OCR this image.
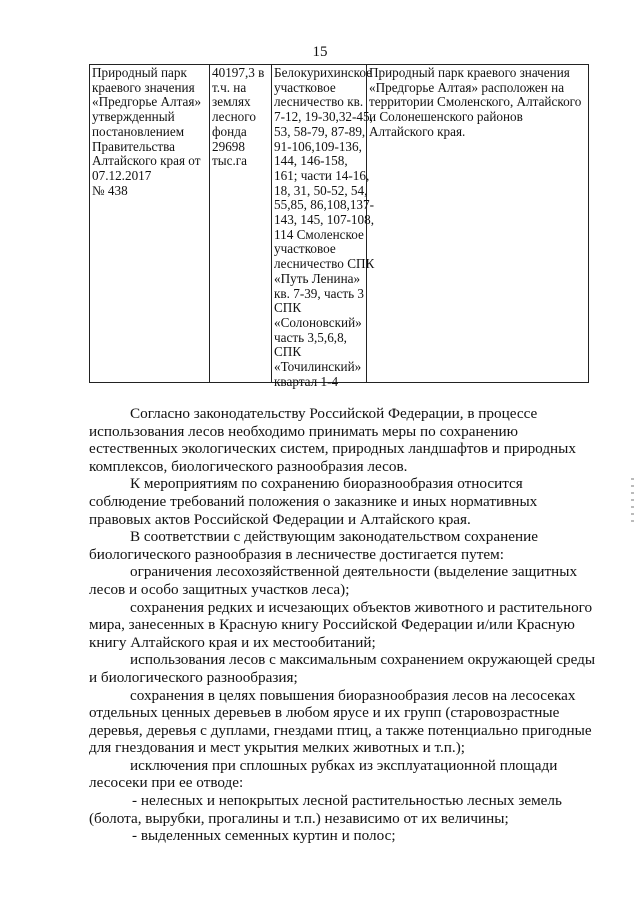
15
Природный парк
краевого значения
«Предгорье Алтая»
утвержденный
постановлением
Правительства
Алтайского края от
07.12.2017
№ 438
40197,3 в
т.ч. на
землях
лесного
фонда
29698
тыс.га
Белокурихинское
участковое
лесничество кв.
7-12, 19-30,32-45,
53, 58-79, 87-89,
91-106,109-136,
144, 146-158,
161; части 14-16,
18, 31, 50-52, 54,
55,85, 86,108,137-
143, 145, 107-108,
114 Смоленское
участковое
лесничество СПК
«Путь Ленина»
кв. 7-39, часть 3
СПК
«Солоновский»
часть 3,5,6,8,
СПК
«Точилинский»
квартал 1-4
Природный парк краевого значения
«Предгорье Алтая» расположен на
территории Смоленского, Алтайского
и Солонешенского районов
Алтайского края.

Согласно законодательству Российской Федерации, в процессе
использования лесов необходимо принимать меры по сохранению
естественных экологических систем, природных ландшафтов и природных
комплексов, биологического разнообразия лесов.

К мероприятиям по сохранению биоразнообразия относится
соблюдение требований положения о заказнике и иных нормативных
правовых актов Российской Федерации и Алтайского края.

В соответствии с действующим законодательством сохранение
биологического разнообразия в лесничестве достигается путем:

ограничения лесохозяйственной деятельности (выделение защитных
лесов и особо защитных участков леса);

сохранения редких и исчезающих объектов животного и растительного
мира, занесенных в Красную книгу Российской Федерации и/или Красную
книгу Алтайского края и их местообитаний;

использования лесов с максимальным сохранением окружающей среды
и биологического разнообразия;

сохранения в целях повышения биоразнообразия лесов на лесосеках
отдельных ценных деревьев в любом ярусе и их групп (старовозрастные
деревья, деревья с дуплами, гнездами птиц, а также потенциально пригодные
для гнездования и мест укрытия мелких животных и т.п.);

исключения при сплошных рубках из эксплуатационной площади
лесосеки при ее отводе:

- нелесных и непокрытых лесной растительностью лесных земель
(болота, вырубки, прогалины и т.п.) независимо от их величины;

- выделенных семенных куртин и полос;
